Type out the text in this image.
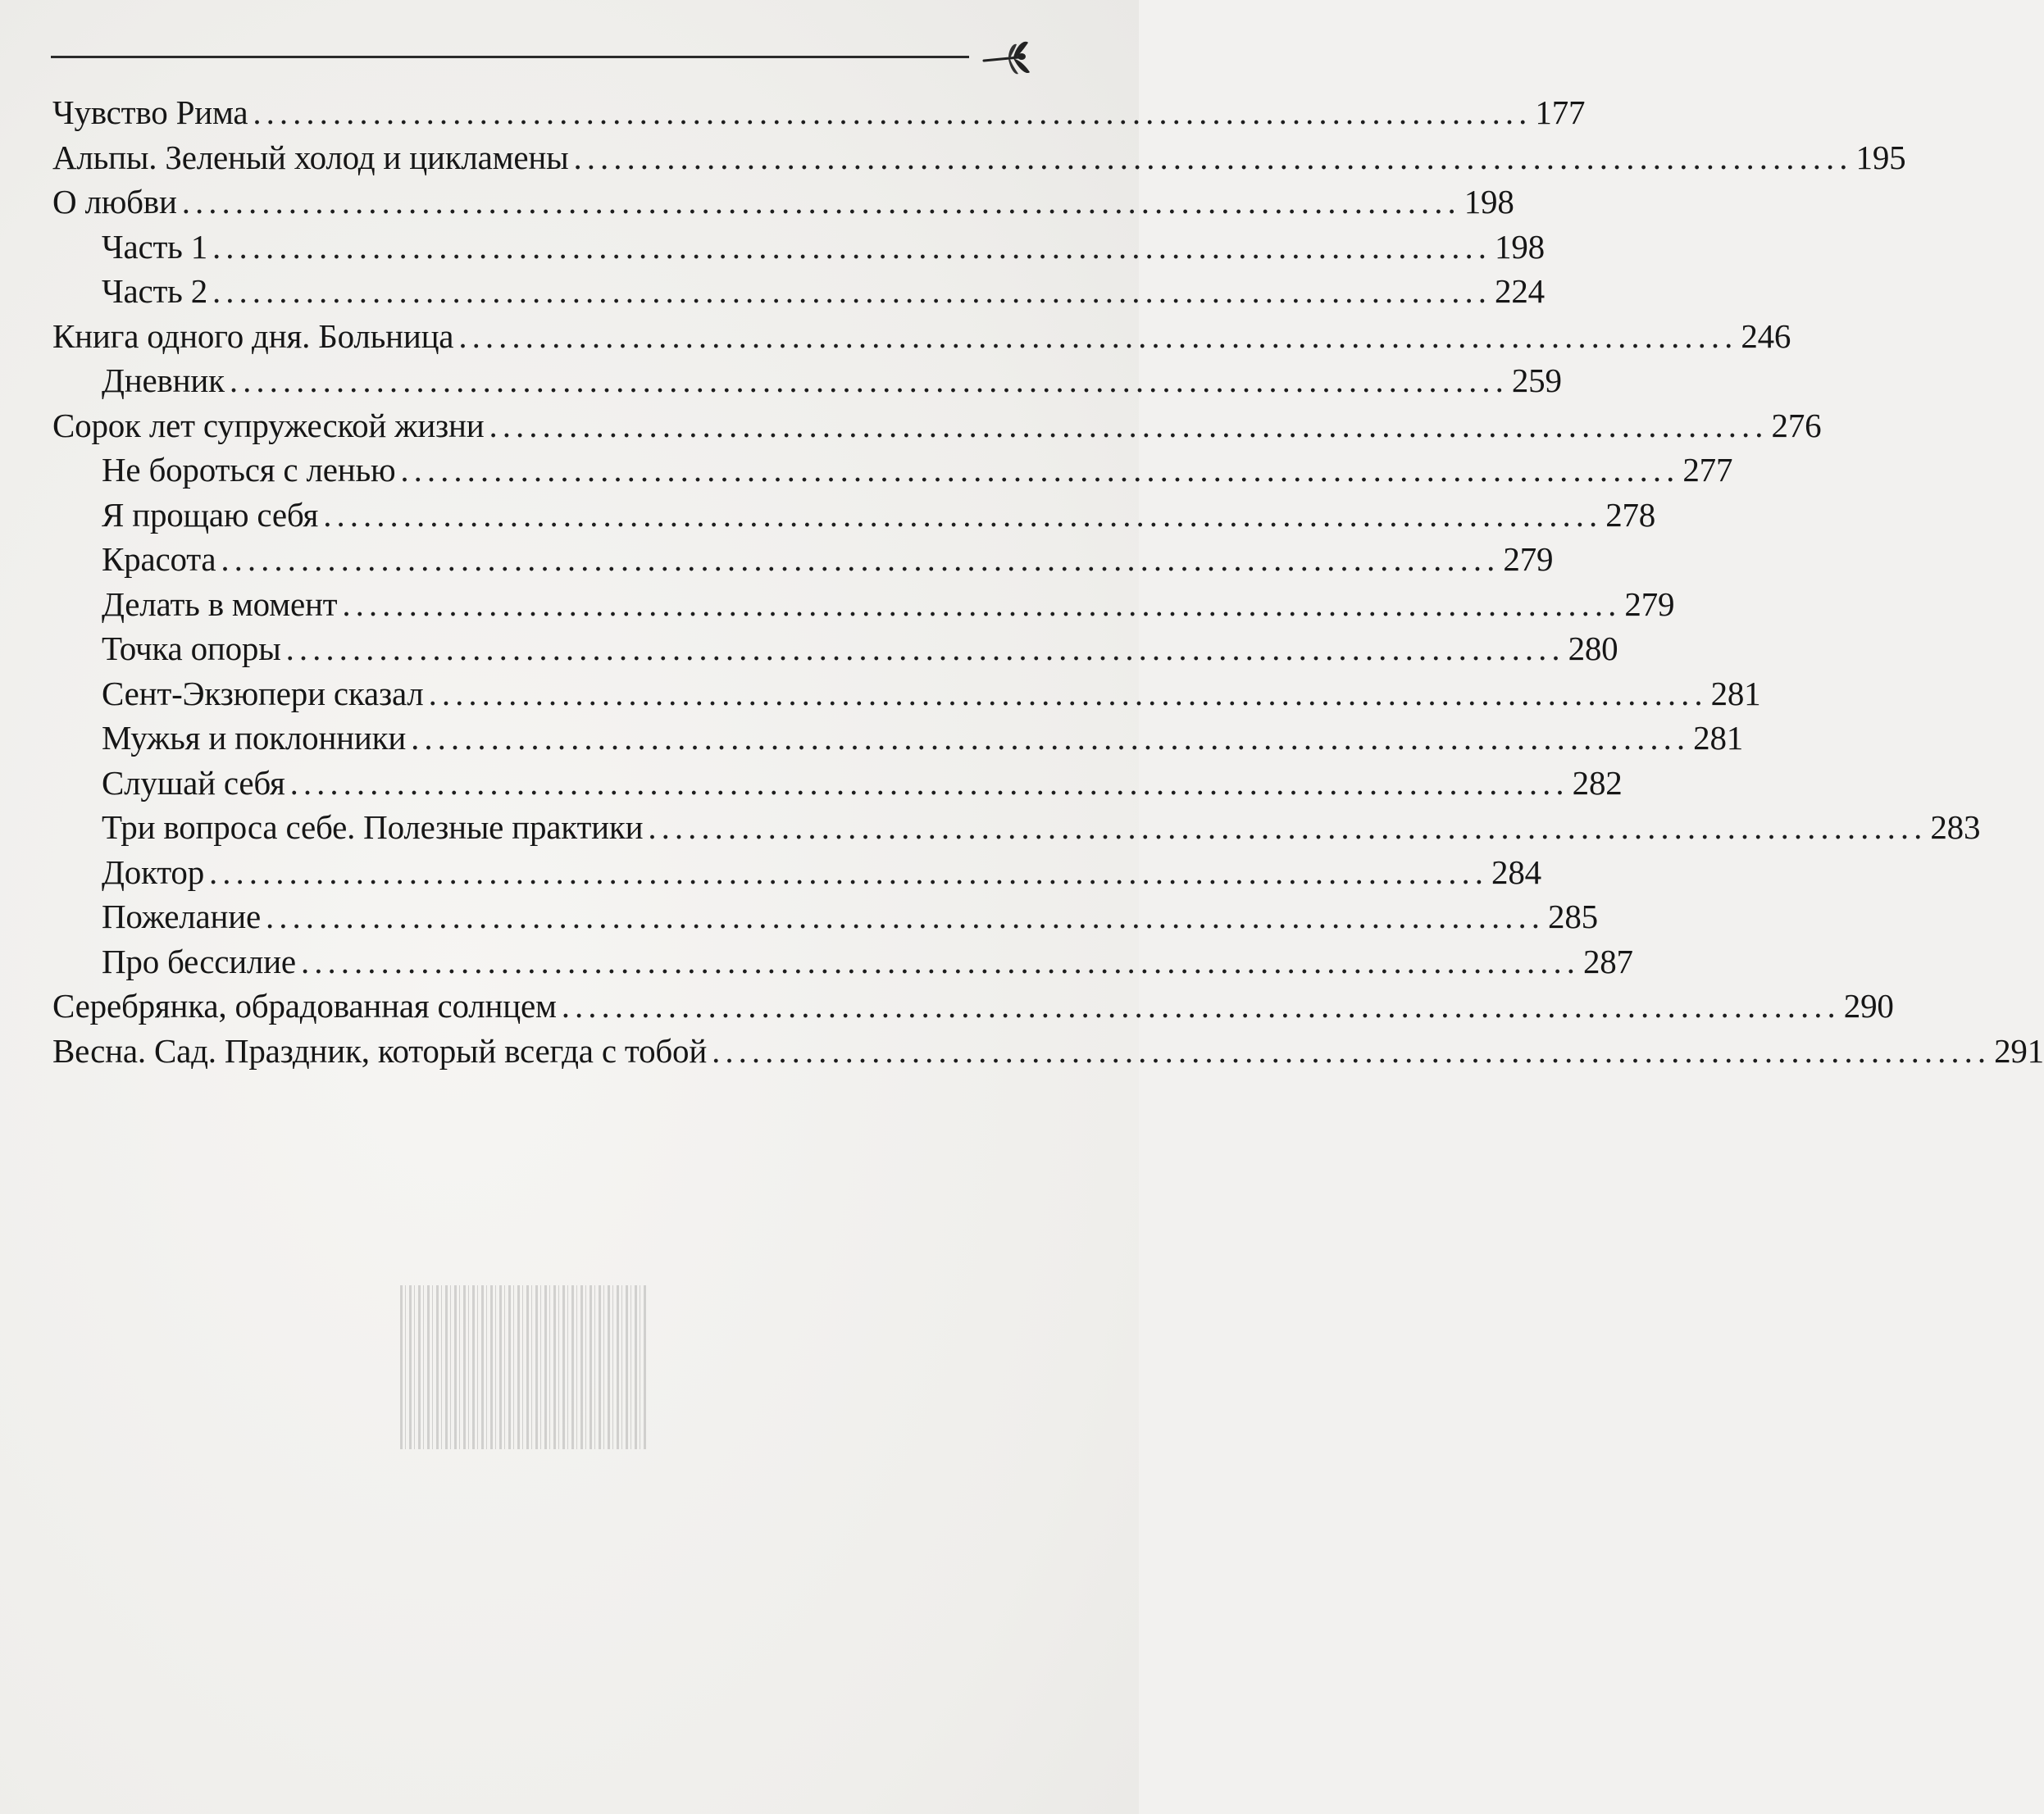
Чувство Рима ................................................................................................ 177
Альпы. Зеленый холод и цикламены ................................................................................................ 195
О любви ................................................................................................ 198
Часть 1 ................................................................................................ 198
Часть 2 ................................................................................................ 224
Книга одного дня. Больница ................................................................................................ 246
Дневник ................................................................................................ 259
Сорок лет супружеской жизни ................................................................................................ 276
Не бороться с ленью ................................................................................................ 277
Я прощаю себя ................................................................................................ 278
Красота ................................................................................................ 279
Делать в момент ................................................................................................ 279
Точка опоры ................................................................................................ 280
Сент-Экзюпери сказал ................................................................................................ 281
Мужья и поклонники ................................................................................................ 281
Слушай себя ................................................................................................ 282
Три вопроса себе. Полезные практики ................................................................................................ 283
Доктор ................................................................................................ 284
Пожелание ................................................................................................ 285
Про бессилие ................................................................................................ 287
Серебрянка, обрадованная солнцем ................................................................................................ 290
Весна. Сад. Праздник, который всегда с тобой ................................................................................................ 291
